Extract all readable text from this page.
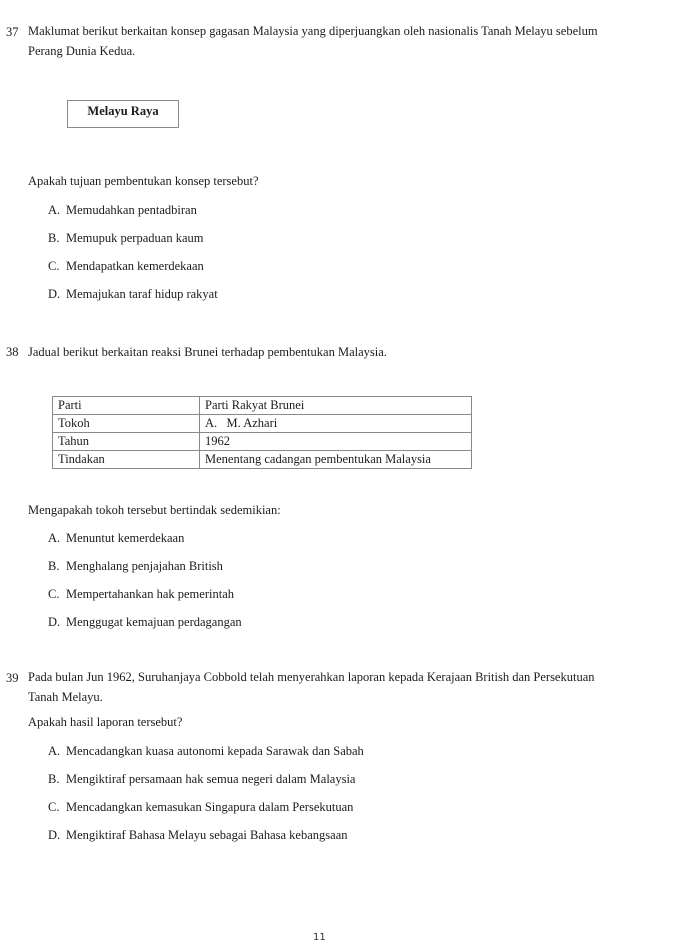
37 Maklumat berikut berkaitan konsep gagasan Malaysia yang diperjuangkan oleh nasionalis Tanah Melayu sebelum
Perang Dunia Kedua.
Melayu Raya
Apakah tujuan pembentukan konsep tersebut?
A. Memudahkan pentadbiran
B. Memupuk perpaduan kaum
C. Mendapatkan kemerdekaan
D. Memajukan taraf hidup rakyat
38 Jadual berikut berkaitan reaksi Brunei terhadap pembentukan Malaysia.
Parti	Parti Rakyat Brunei
Tokoh	A.   M. Azhari
Tahun	1962
Tindakan	Menentang cadangan pembentukan Malaysia
Mengapakah tokoh tersebut bertindak sedemikian:
A. Menuntut kemerdekaan
B. Menghalang penjajahan British
C. Mempertahankan hak pemerintah
D. Menggugat kemajuan perdagangan
39 Pada bulan Jun 1962, Suruhanjaya Cobbold telah menyerahkan laporan kepada Kerajaan British dan Persekutuan
Tanah Melayu.
Apakah hasil laporan tersebut?
A. Mencadangkan kuasa autonomi kepada Sarawak dan Sabah
B. Mengiktiraf persamaan hak semua negeri dalam Malaysia
C. Mencadangkan kemasukan Singapura dalam Persekutuan
D. Mengiktiraf Bahasa Melayu sebagai Bahasa kebangsaan
11
